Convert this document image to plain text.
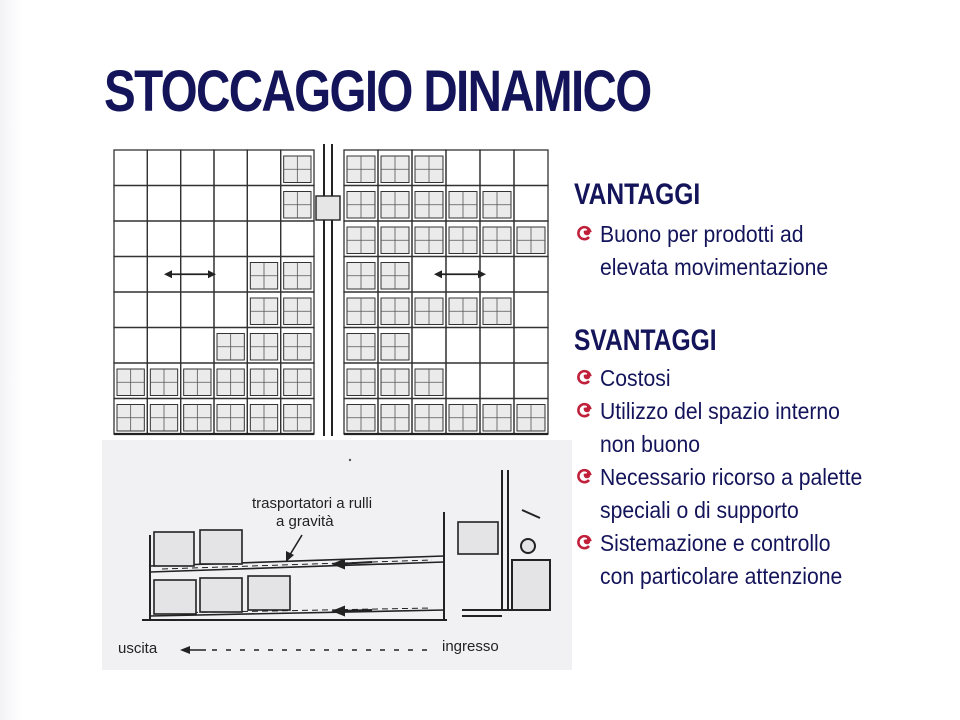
STOCCAGGIO DINAMICO
trasportatori a rulli
a gravità
uscita	ingresso
VANTAGGI
Buono per prodotti ad
elevata movimentazione
SVANTAGGI
Costosi
Utilizzo del spazio interno
non buono
Necessario ricorso a palette
speciali o di supporto
Sistemazione e controllo
con particolare attenzione
